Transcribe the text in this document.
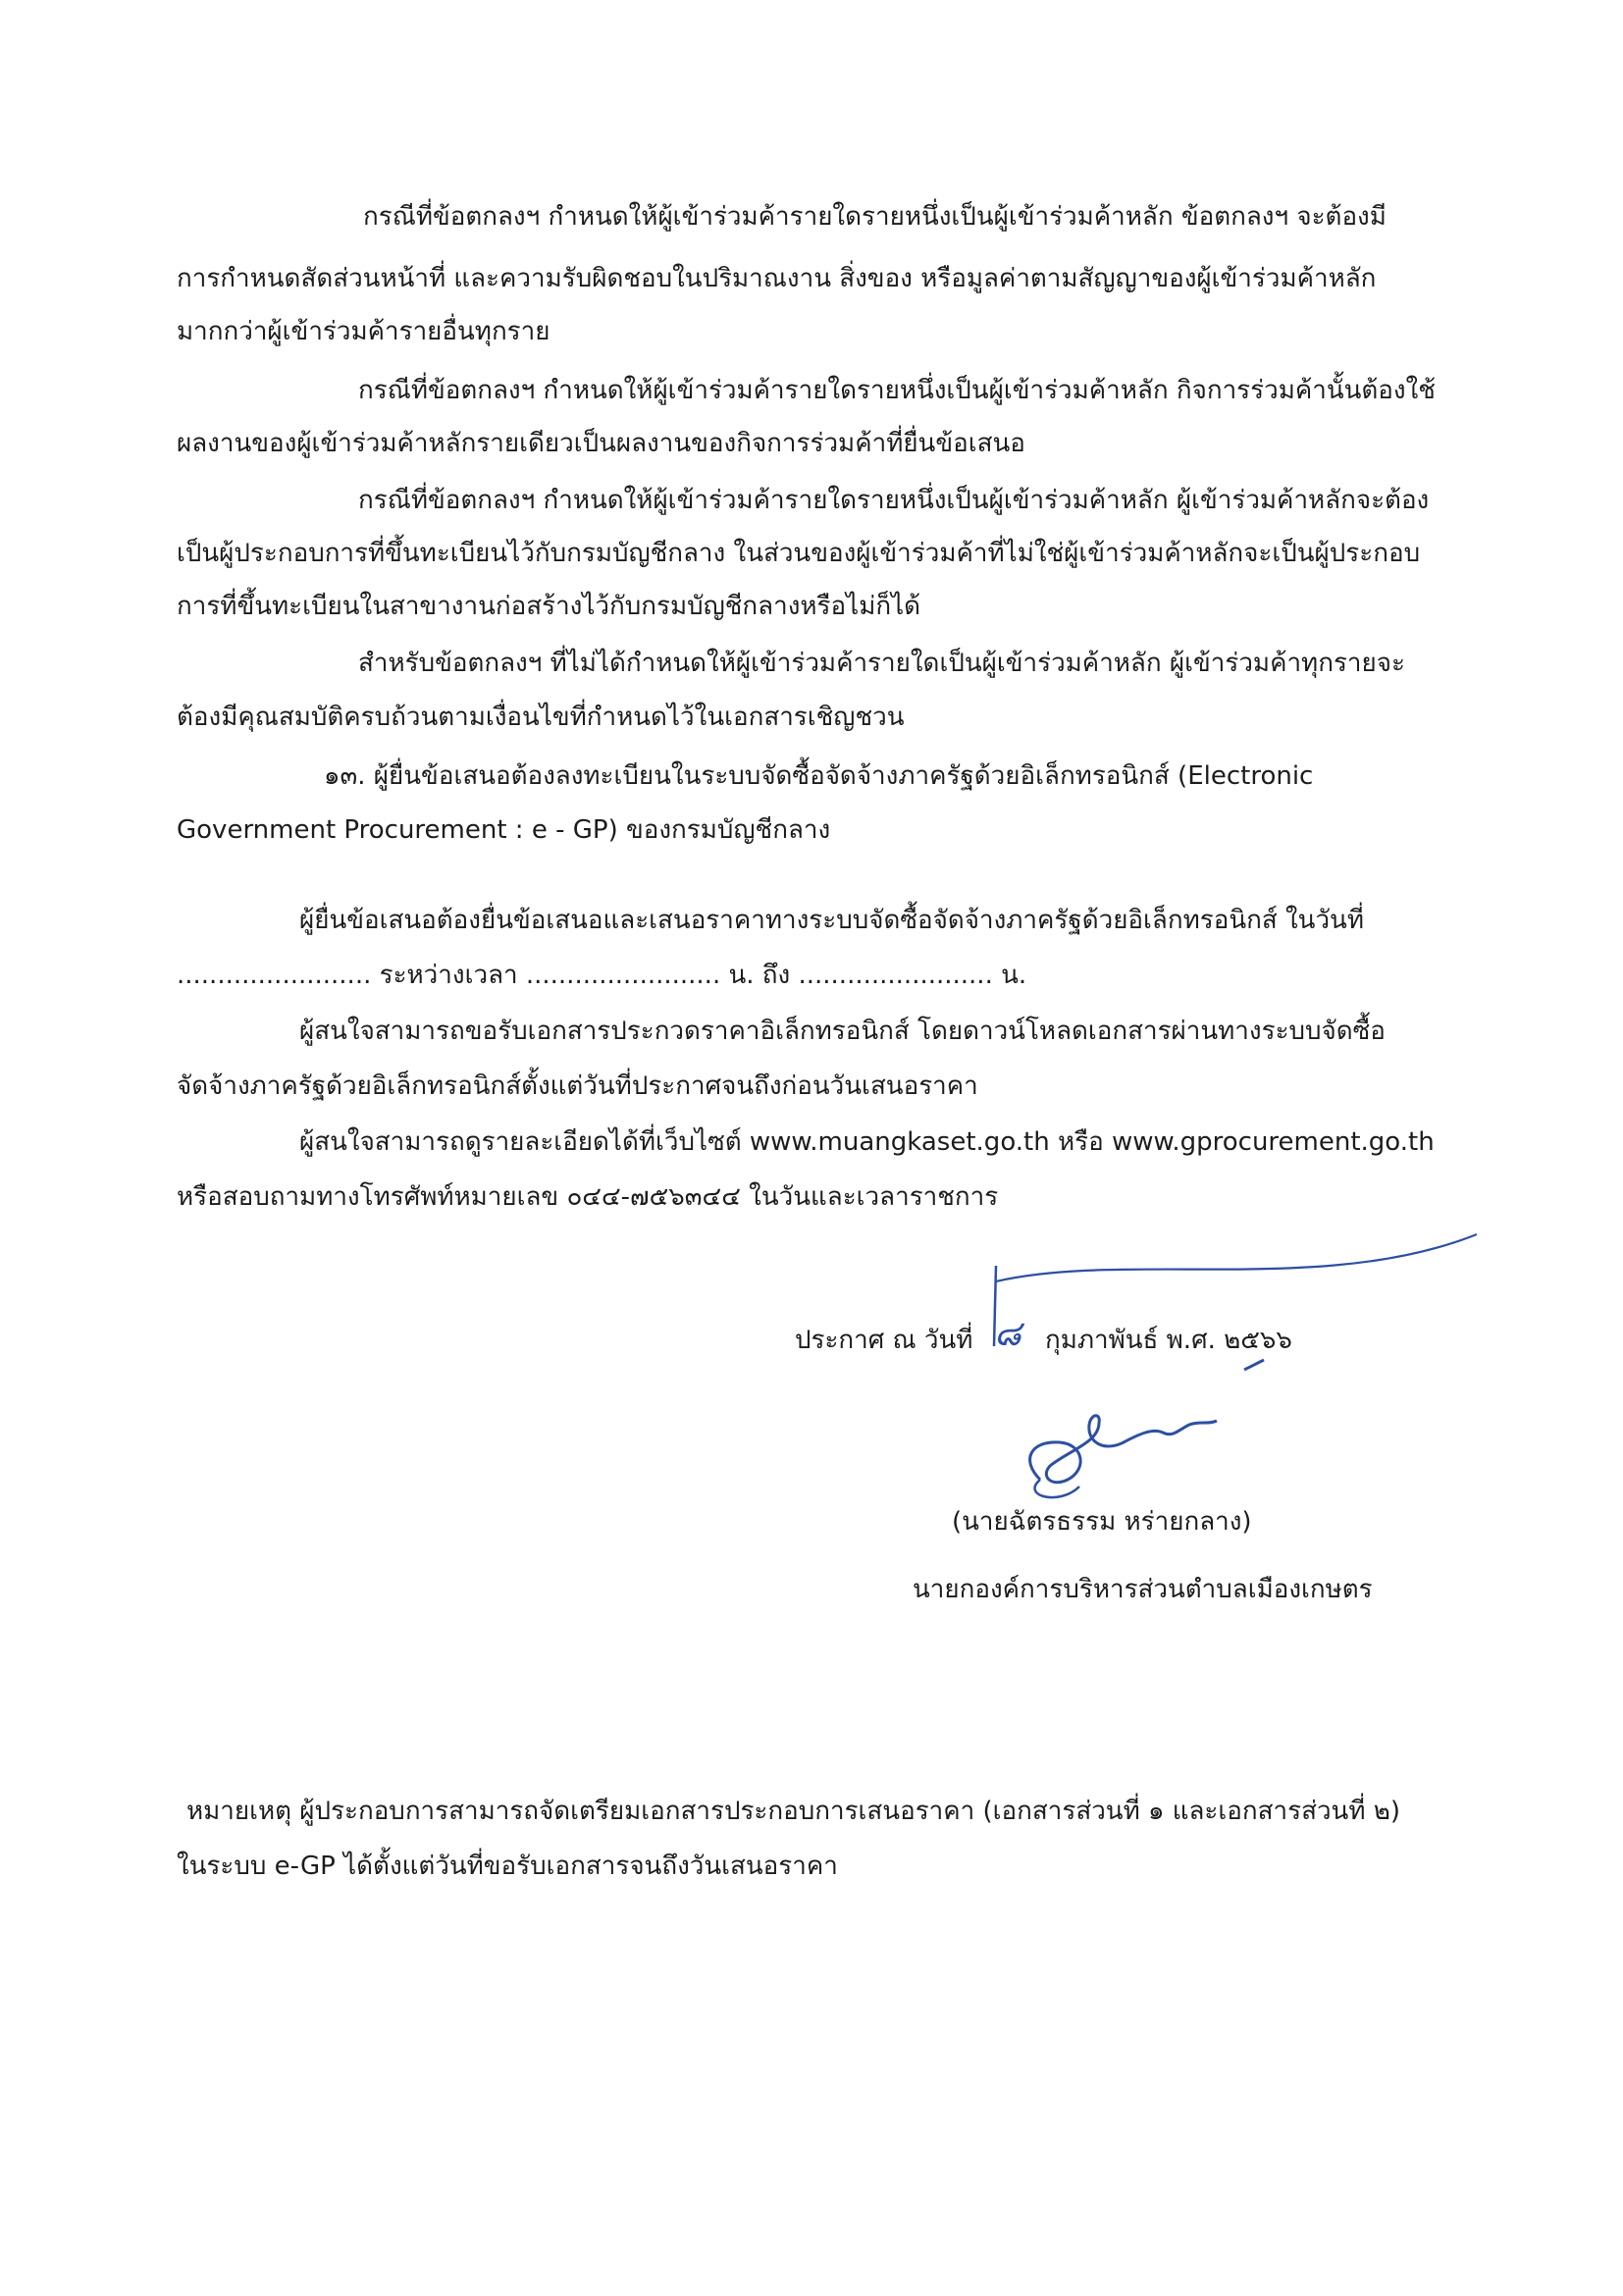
กรณีที่ข้อตกลงฯ กำหนดให้ผู้เข้าร่วมค้ารายใดรายหนึ่งเป็นผู้เข้าร่วมค้าหลัก ข้อตกลงฯ จะต้องมี
การกำหนดสัดส่วนหน้าที่ และความรับผิดชอบในปริมาณงาน สิ่งของ หรือมูลค่าตามสัญญาของผู้เข้าร่วมค้าหลัก
มากกว่าผู้เข้าร่วมค้ารายอื่นทุกราย
กรณีที่ข้อตกลงฯ กำหนดให้ผู้เข้าร่วมค้ารายใดรายหนึ่งเป็นผู้เข้าร่วมค้าหลัก กิจการร่วมค้านั้นต้องใช้
ผลงานของผู้เข้าร่วมค้าหลักรายเดียวเป็นผลงานของกิจการร่วมค้าที่ยื่นข้อเสนอ
กรณีที่ข้อตกลงฯ กำหนดให้ผู้เข้าร่วมค้ารายใดรายหนึ่งเป็นผู้เข้าร่วมค้าหลัก ผู้เข้าร่วมค้าหลักจะต้อง
เป็นผู้ประกอบการที่ขึ้นทะเบียนไว้กับกรมบัญชีกลาง ในส่วนของผู้เข้าร่วมค้าที่ไม่ใช่ผู้เข้าร่วมค้าหลักจะเป็นผู้ประกอบ
การที่ขึ้นทะเบียนในสาขางานก่อสร้างไว้กับกรมบัญชีกลางหรือไม่ก็ได้
สำหรับข้อตกลงฯ ที่ไม่ได้กำหนดให้ผู้เข้าร่วมค้ารายใดเป็นผู้เข้าร่วมค้าหลัก ผู้เข้าร่วมค้าทุกรายจะ
ต้องมีคุณสมบัติครบถ้วนตามเงื่อนไขที่กำหนดไว้ในเอกสารเชิญชวน
๑๓. ผู้ยื่นข้อเสนอต้องลงทะเบียนในระบบจัดซื้อจัดจ้างภาครัฐด้วยอิเล็กทรอนิกส์ (Electronic
Government Procurement : e - GP) ของกรมบัญชีกลาง
ผู้ยื่นข้อเสนอต้องยื่นข้อเสนอและเสนอราคาทางระบบจัดซื้อจัดจ้างภาครัฐด้วยอิเล็กทรอนิกส์ ในวันที่
........................ ระหว่างเวลา ........................ น. ถึง ........................ น.
ผู้สนใจสามารถขอรับเอกสารประกวดราคาอิเล็กทรอนิกส์ โดยดาวน์โหลดเอกสารผ่านทางระบบจัดซื้อ
จัดจ้างภาครัฐด้วยอิเล็กทรอนิกส์ตั้งแต่วันที่ประกาศจนถึงก่อนวันเสนอราคา
ผู้สนใจสามารถดูรายละเอียดได้ที่เว็บไซต์ www.muangkaset.go.th หรือ www.gprocurement.go.th
หรือสอบถามทางโทรศัพท์หมายเลข ๐๔๔-๗๕๖๓๔๔ ในวันและเวลาราชการ
ประกาศ ณ วันที่ ๘ กุมภาพันธ์ พ.ศ. ๒๕๖๖
(นายฉัตรธรรม หร่ายกลาง)
นายกองค์การบริหารส่วนตำบลเมืองเกษตร
หมายเหตุ ผู้ประกอบการสามารถจัดเตรียมเอกสารประกอบการเสนอราคา (เอกสารส่วนที่ ๑ และเอกสารส่วนที่ ๒)
ในระบบ e-GP ได้ตั้งแต่วันที่ขอรับเอกสารจนถึงวันเสนอราคา
